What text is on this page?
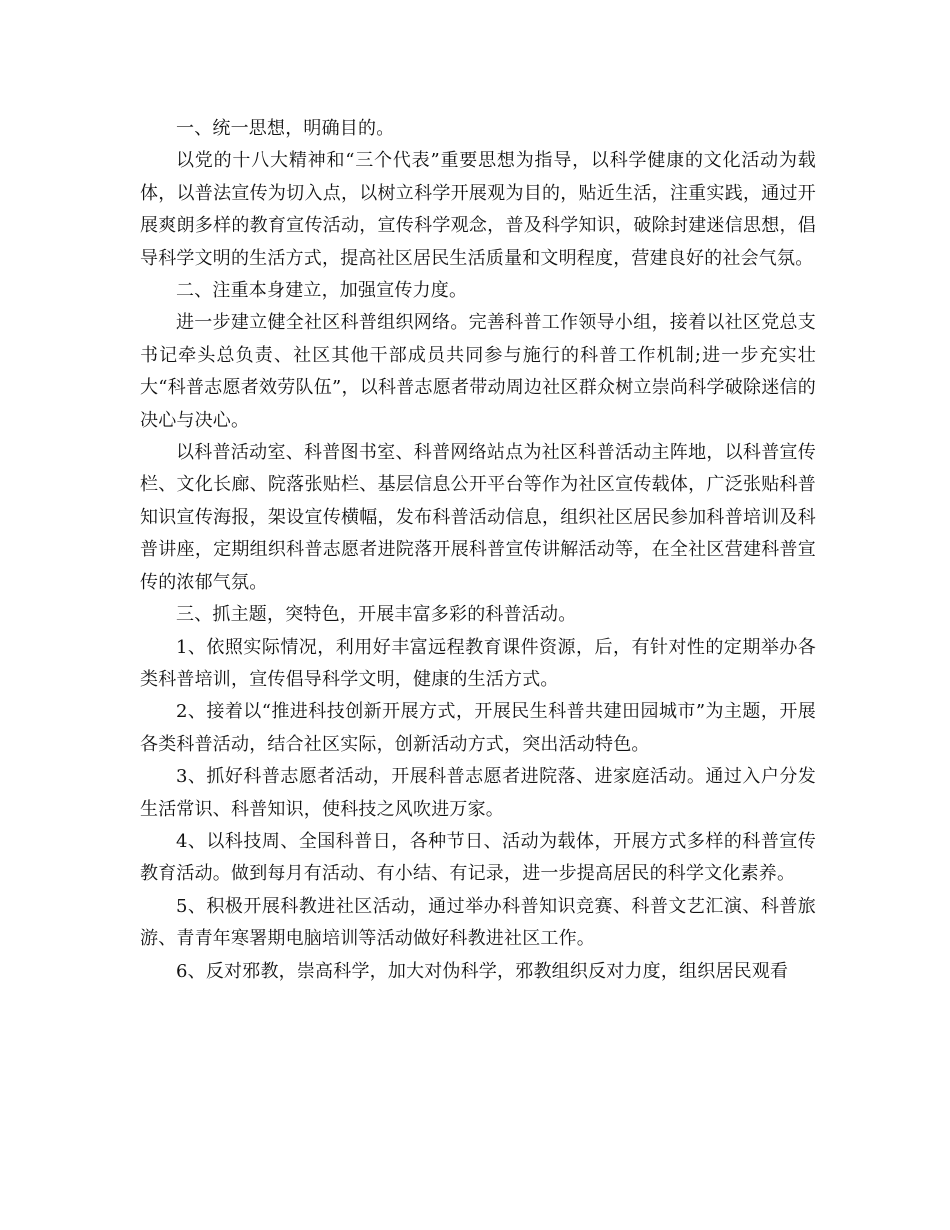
一、统一思想，明确目的。

以党的十八大精神和“三个代表”重要思想为指导，以科学健康的文化活动为载体，以普法宣传为切入点，以树立科学开展观为目的，贴近生活，注重实践，通过开展爽朗多样的教育宣传活动，宣传科学观念，普及科学知识，破除封建迷信思想，倡导科学文明的生活方式，提高社区居民生活质量和文明程度，营建良好的社会气氛。

二、注重本身建立，加强宣传力度。

进一步建立健全社区科普组织网络。完善科普工作领导小组，接着以社区党总支书记牵头总负责、社区其他干部成员共同参与施行的科普工作机制;进一步充实壮大“科普志愿者效劳队伍”，以科普志愿者带动周边社区群众树立崇尚科学破除迷信的决心与决心。

以科普活动室、科普图书室、科普网络站点为社区科普活动主阵地，以科普宣传栏、文化长廊、院落张贴栏、基层信息公开平台等作为社区宣传载体，广泛张贴科普知识宣传海报，架设宣传横幅，发布科普活动信息，组织社区居民参加科普培训及科普讲座，定期组织科普志愿者进院落开展科普宣传讲解活动等，在全社区营建科普宣传的浓郁气氛。

三、抓主题，突特色，开展丰富多彩的科普活动。

1、依照实际情况，利用好丰富远程教育课件资源，后，有针对性的定期举办各类科普培训，宣传倡导科学文明，健康的生活方式。

2、接着以“推进科技创新开展方式，开展民生科普共建田园城市”为主题，开展各类科普活动，结合社区实际，创新活动方式，突出活动特色。

3、抓好科普志愿者活动，开展科普志愿者进院落、进家庭活动。通过入户分发生活常识、科普知识，使科技之风吹进万家。

4、以科技周、全国科普日，各种节日、活动为载体，开展方式多样的科普宣传教育活动。做到每月有活动、有小结、有记录，进一步提高居民的科学文化素养。

5、积极开展科教进社区活动，通过举办科普知识竞赛、科普文艺汇演、科普旅游、青青年寒署期电脑培训等活动做好科教进社区工作。

6、反对邪教，崇高科学，加大对伪科学，邪教组织反对力度，组织居民观看
